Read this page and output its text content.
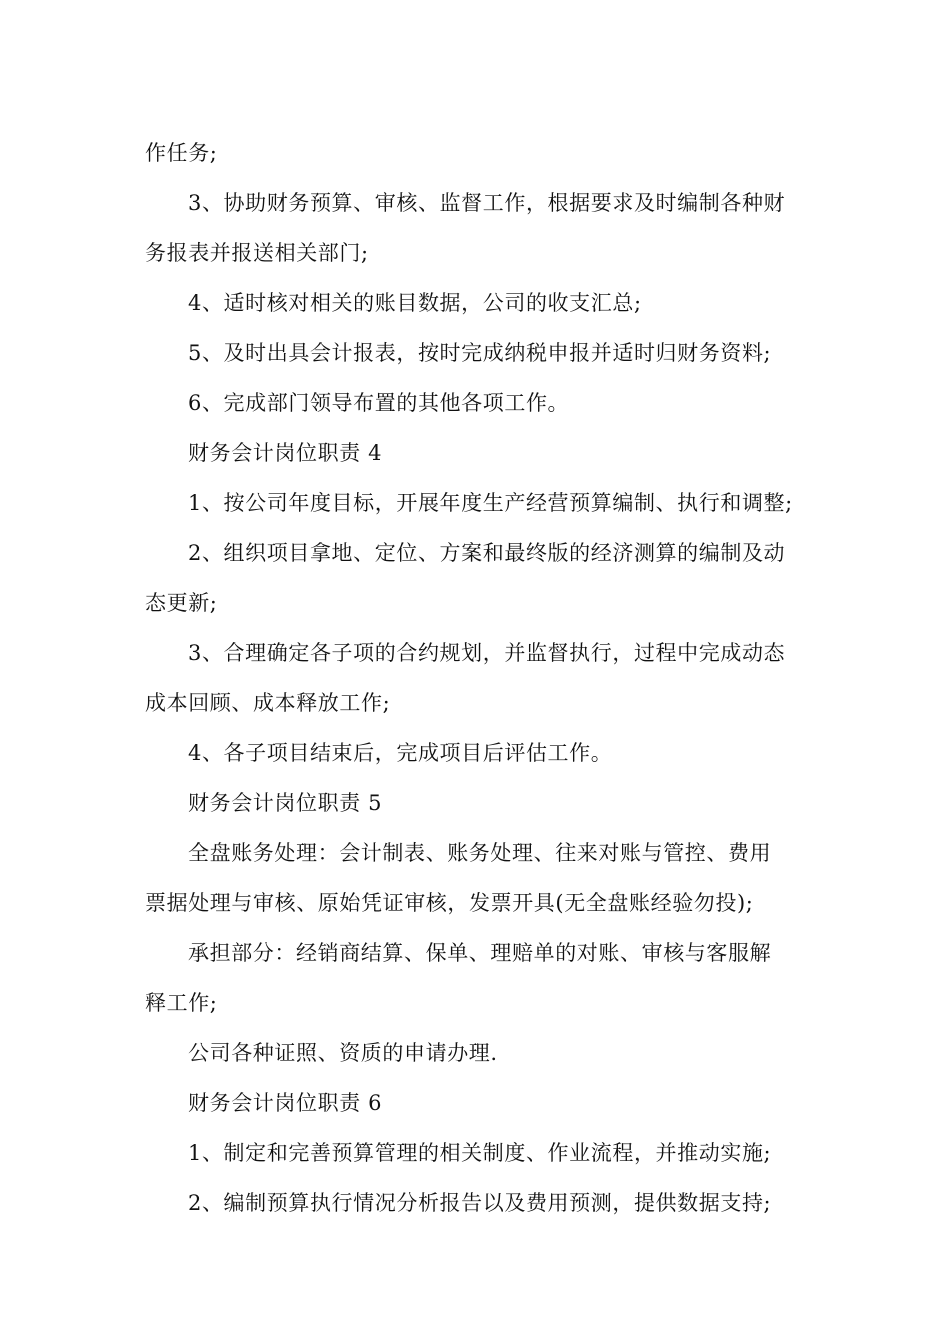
作任务;
3、协助财务预算、审核、监督工作，根据要求及时编制各种财
务报表并报送相关部门;
4、适时核对相关的账目数据，公司的收支汇总;
5、及时出具会计报表，按时完成纳税申报并适时归财务资料;
6、完成部门领导布置的其他各项工作。
财务会计岗位职责 4
1、按公司年度目标，开展年度生产经营预算编制、执行和调整;
2、组织项目拿地、定位、方案和最终版的经济测算的编制及动
态更新;
3、合理确定各子项的合约规划，并监督执行，过程中完成动态
成本回顾、成本释放工作;
4、各子项目结束后，完成项目后评估工作。
财务会计岗位职责 5
全盘账务处理：会计制表、账务处理、往来对账与管控、费用
票据处理与审核、原始凭证审核，发票开具(无全盘账经验勿投);
承担部分：经销商结算、保单、理赔单的对账、审核与客服解
释工作;
公司各种证照、资质的申请办理.
财务会计岗位职责 6
1、制定和完善预算管理的相关制度、作业流程，并推动实施;
2、编制预算执行情况分析报告以及费用预测，提供数据支持;
